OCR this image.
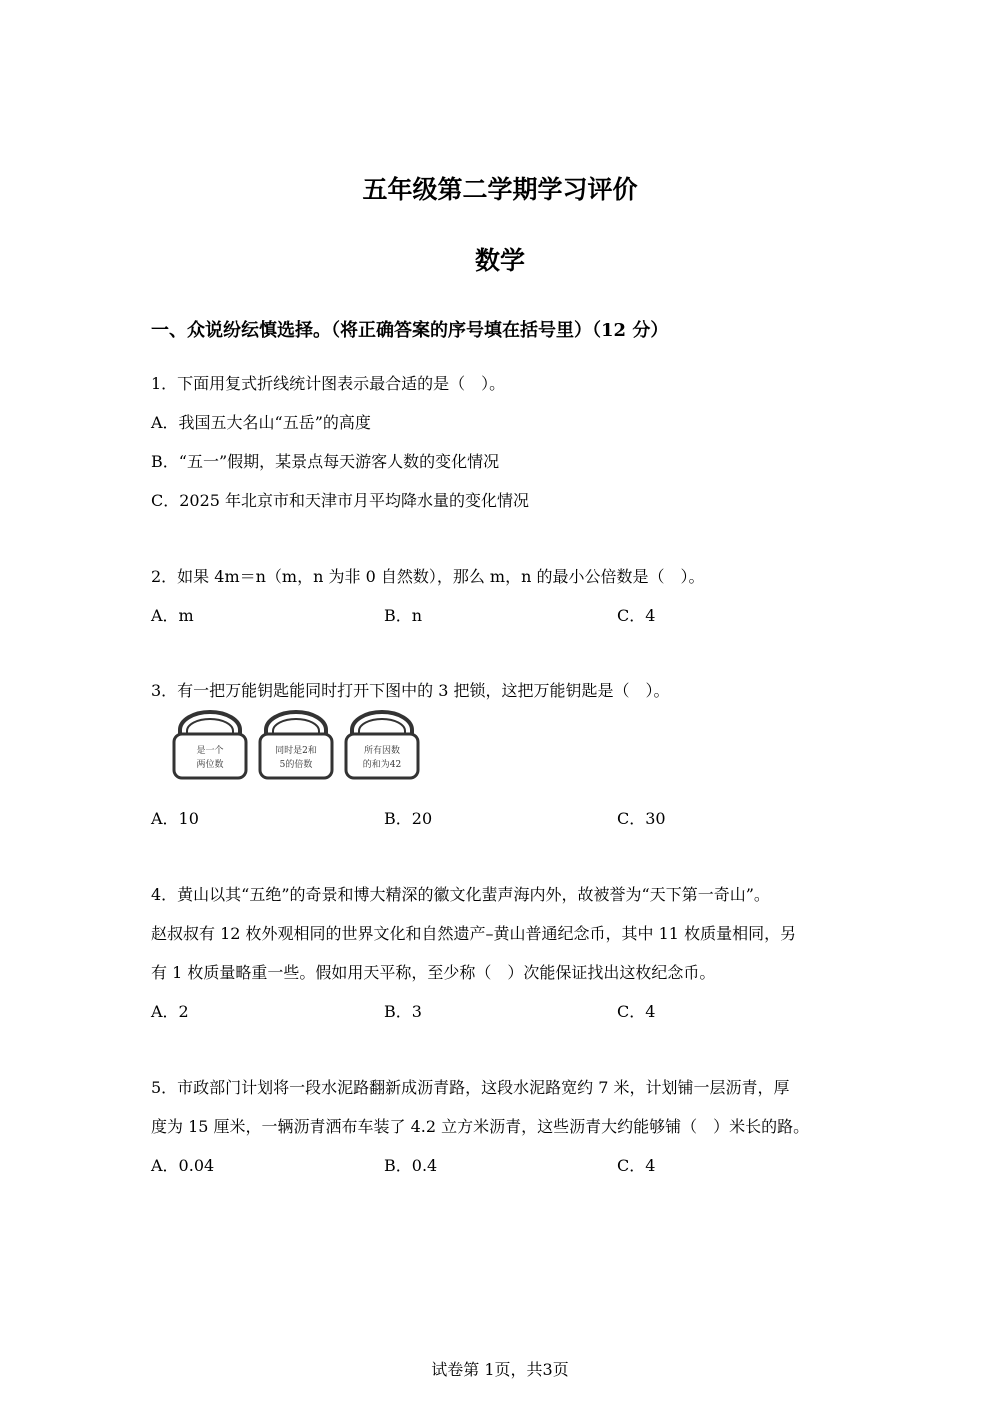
五年级第二学期学习评价
数学
一、众说纷纭慎选择。（将正确答案的序号填在括号里）（12 分）
1．下面用复式折线统计图表示最合适的是（　）。
A．我国五大名山“五岳”的高度
B．“五一”假期，某景点每天游客人数的变化情况
C．2025 年北京市和天津市月平均降水量的变化情况
2．如果 4m＝n（m，n 为非 0 自然数），那么 m，n 的最小公倍数是（　）。
A．m	B．n	C．4
3．有一把万能钥匙能同时打开下图中的 3 把锁，这把万能钥匙是（　）。
是一个
两位数
同时是2和
5的倍数
所有因数
的和为42
A．10	B．20	C．30
4．黄山以其“五绝”的奇景和博大精深的徽文化蜚声海内外，故被誉为“天下第一奇山”。
赵叔叔有 12 枚外观相同的世界文化和自然遗产–黄山普通纪念币，其中 11 枚质量相同，另
有 1 枚质量略重一些。假如用天平称，至少称（　）次能保证找出这枚纪念币。
A．2	B．3	C．4
5．市政部门计划将一段水泥路翻新成沥青路，这段水泥路宽约 7 米，计划铺一层沥青，厚
度为 15 厘米，一辆沥青洒布车装了 4.2 立方米沥青，这些沥青大约能够铺（　）米长的路。
A．0.04	B．0.4	C．4
试卷第 1页，共3页
